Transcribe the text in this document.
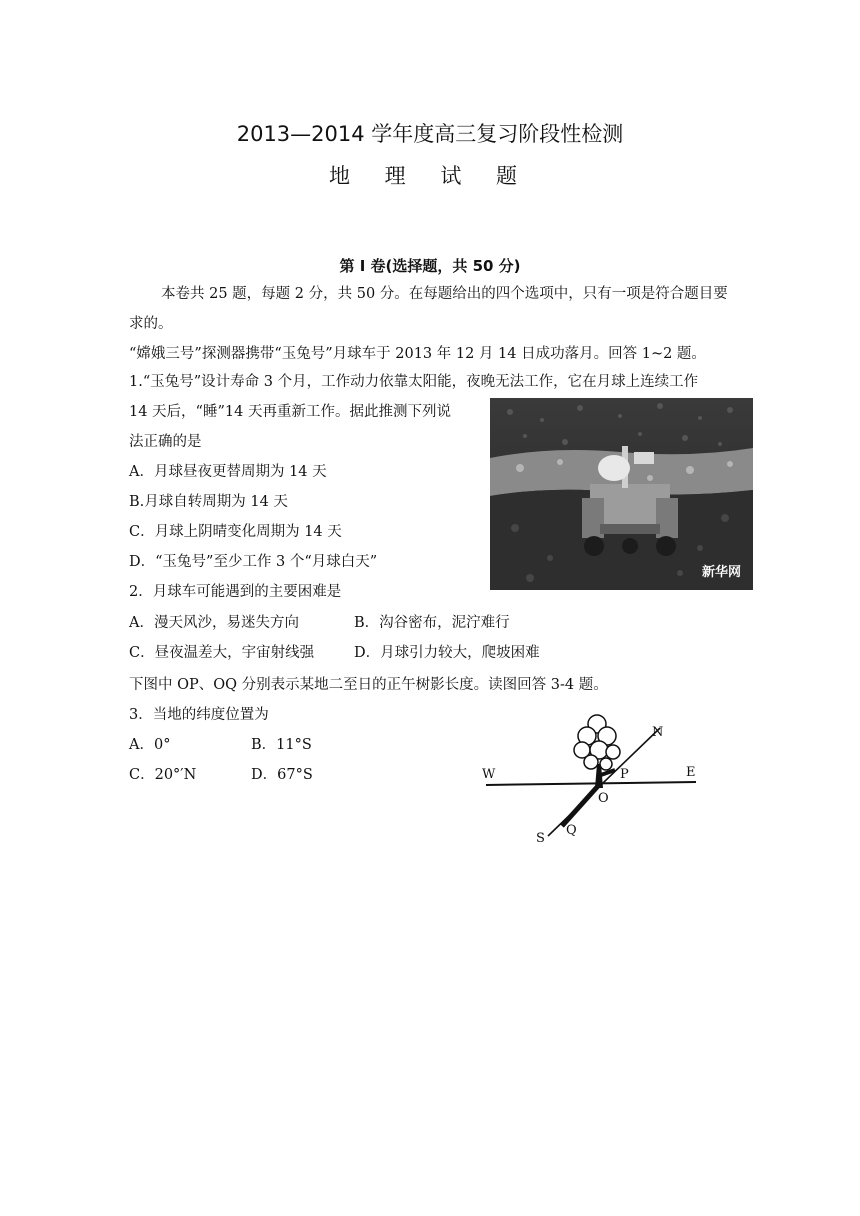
2013—2014 学年度高三复习阶段性检测
地 理 试 题
第 I 卷(选择题，共 50 分)
本卷共 25 题，每题 2 分，共 50 分。在每题给出的四个选项中，只有一项是符合题目要
求的。
“嫦娥三号”探测器携带“玉兔号”月球车于 2013 年 12 月 14 日成功落月。回答 1~2 题。
1.“玉兔号”设计寿命 3 个月，工作动力依靠太阳能，夜晚无法工作，它在月球上连续工作
14 天后，“睡”14 天再重新工作。据此推测下列说
法正确的是
A．月球昼夜更替周期为 14 天
B.月球自转周期为 14 天
C．月球上阴晴变化周期为 14 天
D．“玉兔号”至少工作 3 个“月球白天”
新华网
2．月球车可能遇到的主要困难是
A．漫天风沙，易迷失方向	B．沟谷密布，泥泞难行
C．昼夜温差大，宇宙射线强	D．月球引力较大，爬坡困难
下图中 OP、OQ 分别表示某地二至日的正午树影长度。读图回答 3-4 题。
3．当地的纬度位置为
A．0°	B．11°S
C．20°′N	D．67°S	W	E
N
S
O
P
Q
